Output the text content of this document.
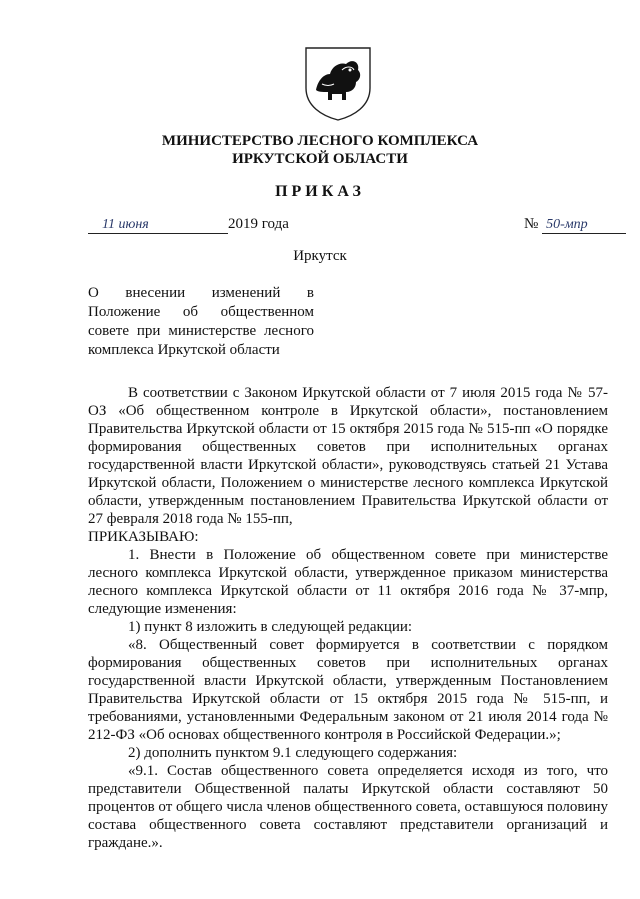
МИНИСТЕРСТВО ЛЕСНОГО КОМПЛЕКСА
ИРКУТСКОЙ ОБЛАСТИ
ПРИКАЗ
11 июня	2019 года	№ 50-мпр
Иркутск
О внесении изменений в Положение об общественном совете при министерстве лесного комплекса Иркутской области

В соответствии с Законом Иркутской области от 7 июля 2015 года № 57-ОЗ «Об общественном контроле в Иркутской области», постановлением Правительства Иркутской области от 15 октября 2015 года № 515-пп «О порядке формирования общественных советов при исполнительных органах государственной власти Иркутской области», руководствуясь статьей 21 Устава Иркутской области, Положением о министерстве лесного комплекса Иркутской области, утвержденным постановлением Правительства Иркутской области от 27 февраля 2018 года № 155-пп,

ПРИКАЗЫВАЮ:

1. Внести в Положение об общественном совете при министерстве лесного комплекса Иркутской области, утвержденное приказом министерства лесного комплекса Иркутской области от 11 октября 2016 года № 37-мпр, следующие изменения:

1) пункт 8 изложить в следующей редакции:

«8. Общественный совет формируется в соответствии с порядком формирования общественных советов при исполнительных органах государственной власти Иркутской области, утвержденным Постановлением Правительства Иркутской области от 15 октября 2015 года № 515-пп, и требованиями, установленными Федеральным законом от 21 июля 2014 года № 212-ФЗ «Об основах общественного контроля в Российской Федерации.»;

2) дополнить пунктом 9.1 следующего содержания:

«9.1. Состав общественного совета определяется исходя из того, что представители Общественной палаты Иркутской области составляют 50 процентов от общего числа членов общественного совета, оставшуюся половину состава общественного совета составляют представители организаций и граждане.».
